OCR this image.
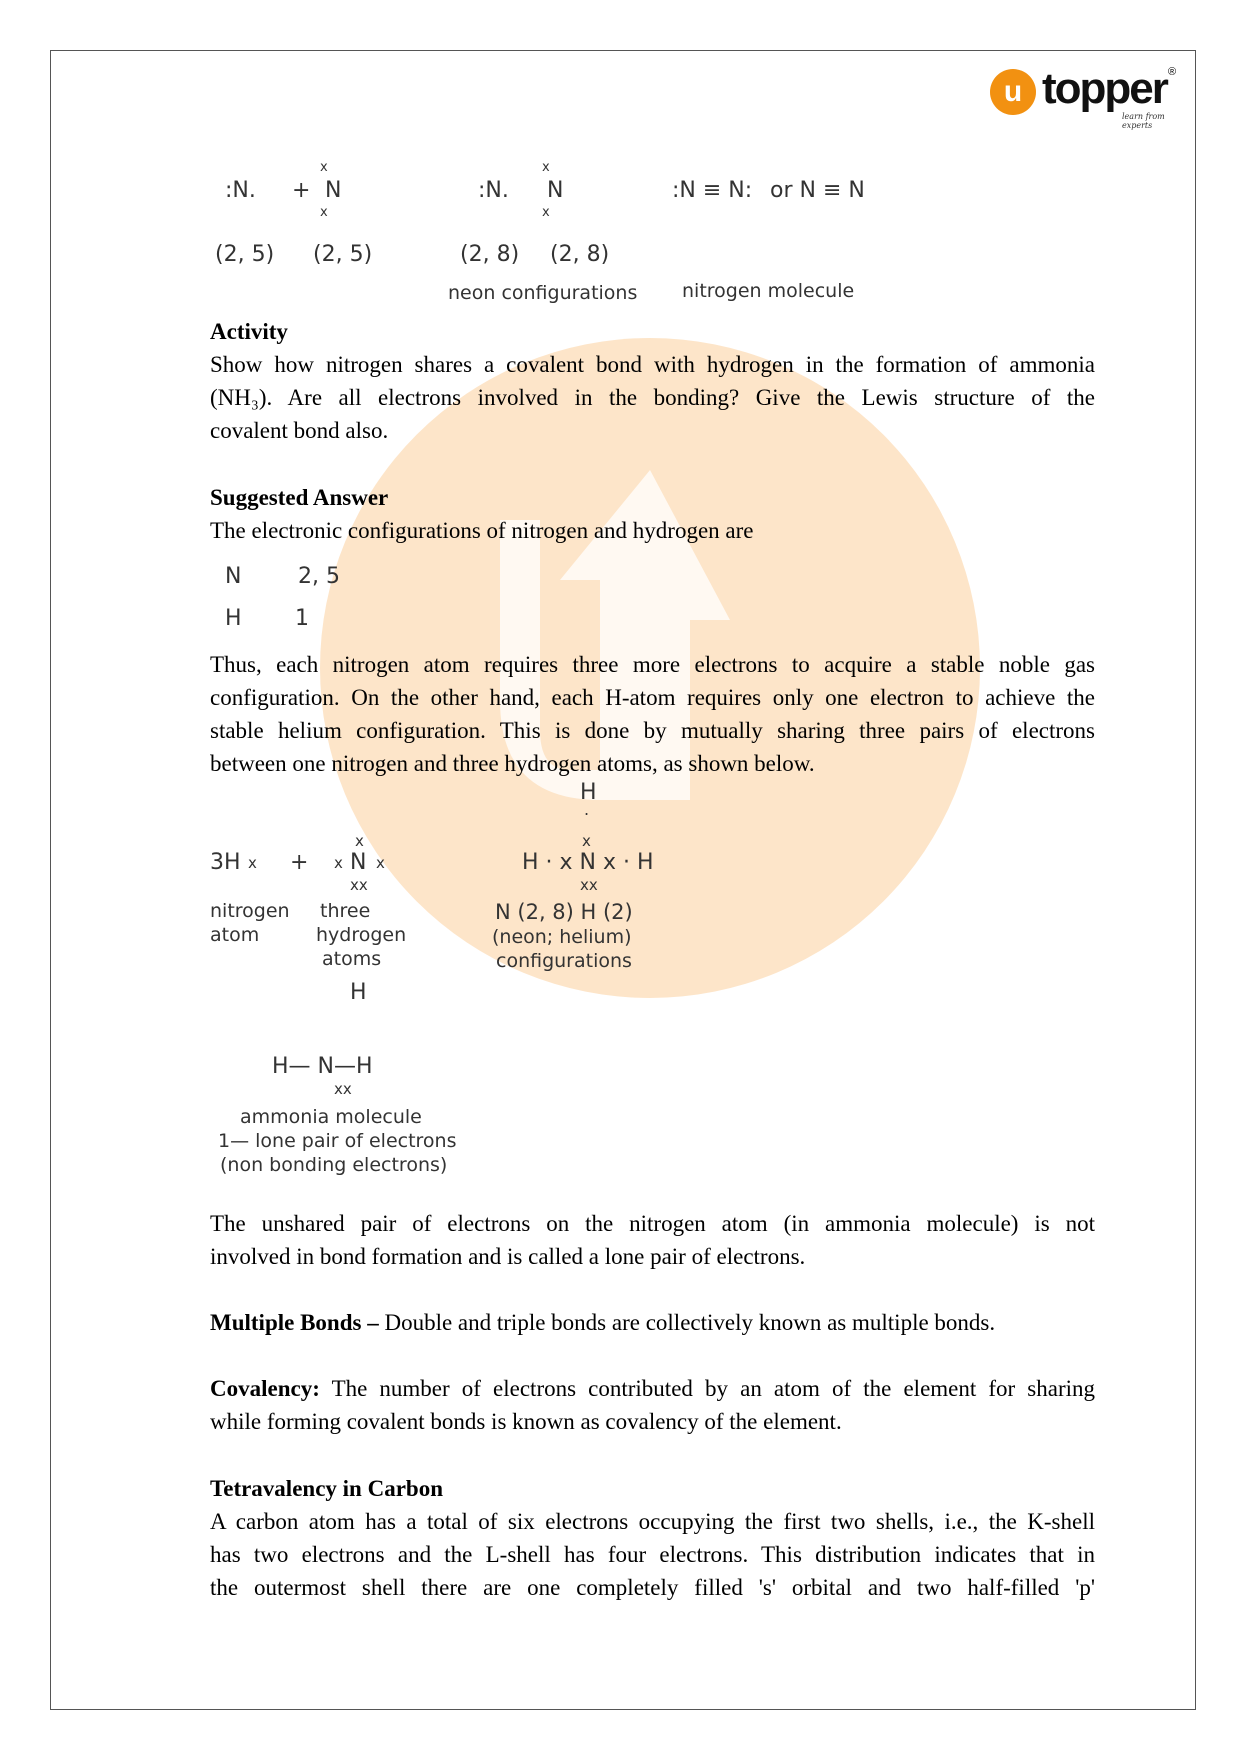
u topper ®
learn from experts
:N. +
x
N
x
(2, 5) (2, 5)
:N.
x
N
x
(2, 8) (2, 8)
:N ≡ N: or N ≡ N
neon configurations nitrogen molecule

Activity

Show how nitrogen shares a covalent bond with hydrogen in the formation of ammonia

(NH₃). Are all electrons involved in the bonding? Give the Lewis structure of the

covalent bond also.

Suggested Answer

The electronic configurations of nitrogen and hydrogen are

N	2, 5
H 1

Thus, each nitrogen atom requires three more electrons to acquire a stable noble gas

configuration. On the other hand, each H-atom requires only one electron to achieve the

stable helium configuration. This is done by mutually sharing three pairs of electrons

between one nitrogen and three hydrogen atoms, as shown below.

3H x +
x
x N x
xx
nitrogen
atom
three
hydrogen
atoms
H
.
x
H · x N x · H
xx
N (2, 8) H (2)
(neon; helium)
configurations
H
H— N—H
xx
ammonia molecule
1— lone pair of electrons
(non bonding electrons)

The unshared pair of electrons on the nitrogen atom (in ammonia molecule) is not

involved in bond formation and is called a lone pair of electrons.

Multiple Bonds – Double and triple bonds are collectively known as multiple bonds.

Covalency: The number of electrons contributed by an atom of the element for sharing

while forming covalent bonds is known as covalency of the element.

Tetravalency in Carbon

A carbon atom has a total of six electrons occupying the first two shells, i.e., the K-shell

has two electrons and the L-shell has four electrons. This distribution indicates that in

the outermost shell there are one completely filled 's' orbital and two half-filled 'p'
